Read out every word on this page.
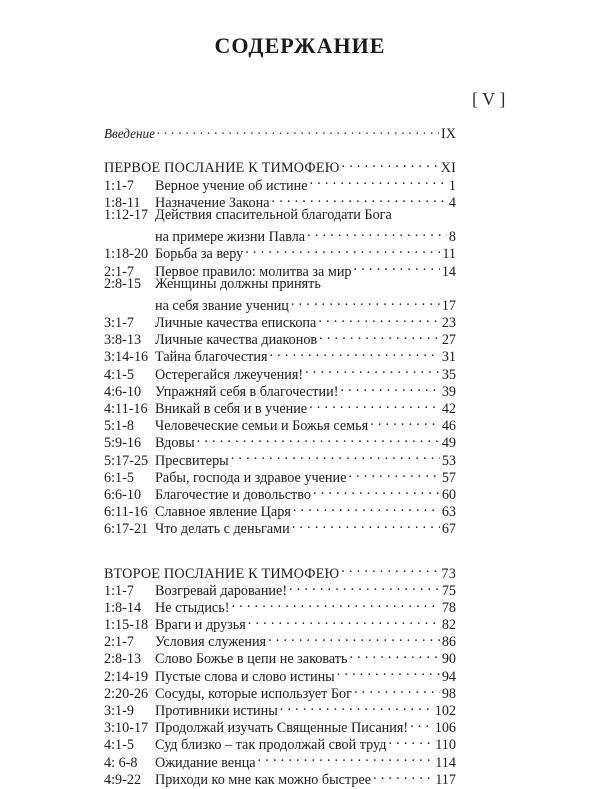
СОДЕРЖАНИЕ
[ V ]
Введение . . .	IX
ПЕРВОЕ ПОСЛАНИЕ К ТИМОФЕЮ . . .	XI
1:1-7	Верное учение об истине . . .	1
1:8-11	Назначение Закона . . .	4
1:12-17 Действия спасительной благодати Бога
на примере жизни Павла . . .	8
1:18-20 Борьба за веру . . .	11
2:1-7	Первое правило: молитва за мир . . .	14
2:8-15 Женщины должны принять
на себя звание учениц . . .	17
3:1-7	Личные качества епископа . . .	23
3:8-13 Личные качества диаконов . . .	27
3:14-16 Тайна благочестия . . .	31
4:1-5	Остерегайся лжеучения! . . .	35
4:6-10 Упражняй себя в благочестии! . . .	39
4:11-16 Вникай в себя и в учение . . .	42
5:1-8	Человеческие семьи и Божья семья . . .	46
5:9-16 Вдовы . . .	49
5:17-25 Пресвитеры . . .	53
6:1-5	Рабы, господа и здравое учение . . .	57
6:6-10 Благочестие и довольство . . .	60
6:11-16 Славное явление Царя . . .	63
6:17-21 Что делать с деньгами . . .	67
ВТОРОЕ ПОСЛАНИЕ К ТИМОФЕЮ . . .	73
1:1-7	Возгревай дарование! . . .	75
1:8-14 Не стыдись! . . .	78
1:15-18 Враги и друзья . . .	82
2:1-7	Условия служения . . .	86
2:8-13 Слово Божье в цепи не заковать . . .	90
2:14-19 Пустые слова и слово истины . . .	94
2:20-26 Сосуды, которые использует Бог . . .	98
3:1-9	Противники истины . . .	102
3:10-17 Продолжай изучать Священные Писания! . . . 106
4:1-5	Суд близко – так продолжай свой труд . . .	110
4: 6-8	Ожидание венца . . .	114
4:9-22 Приходи ко мне как можно быстрее . . .	117
